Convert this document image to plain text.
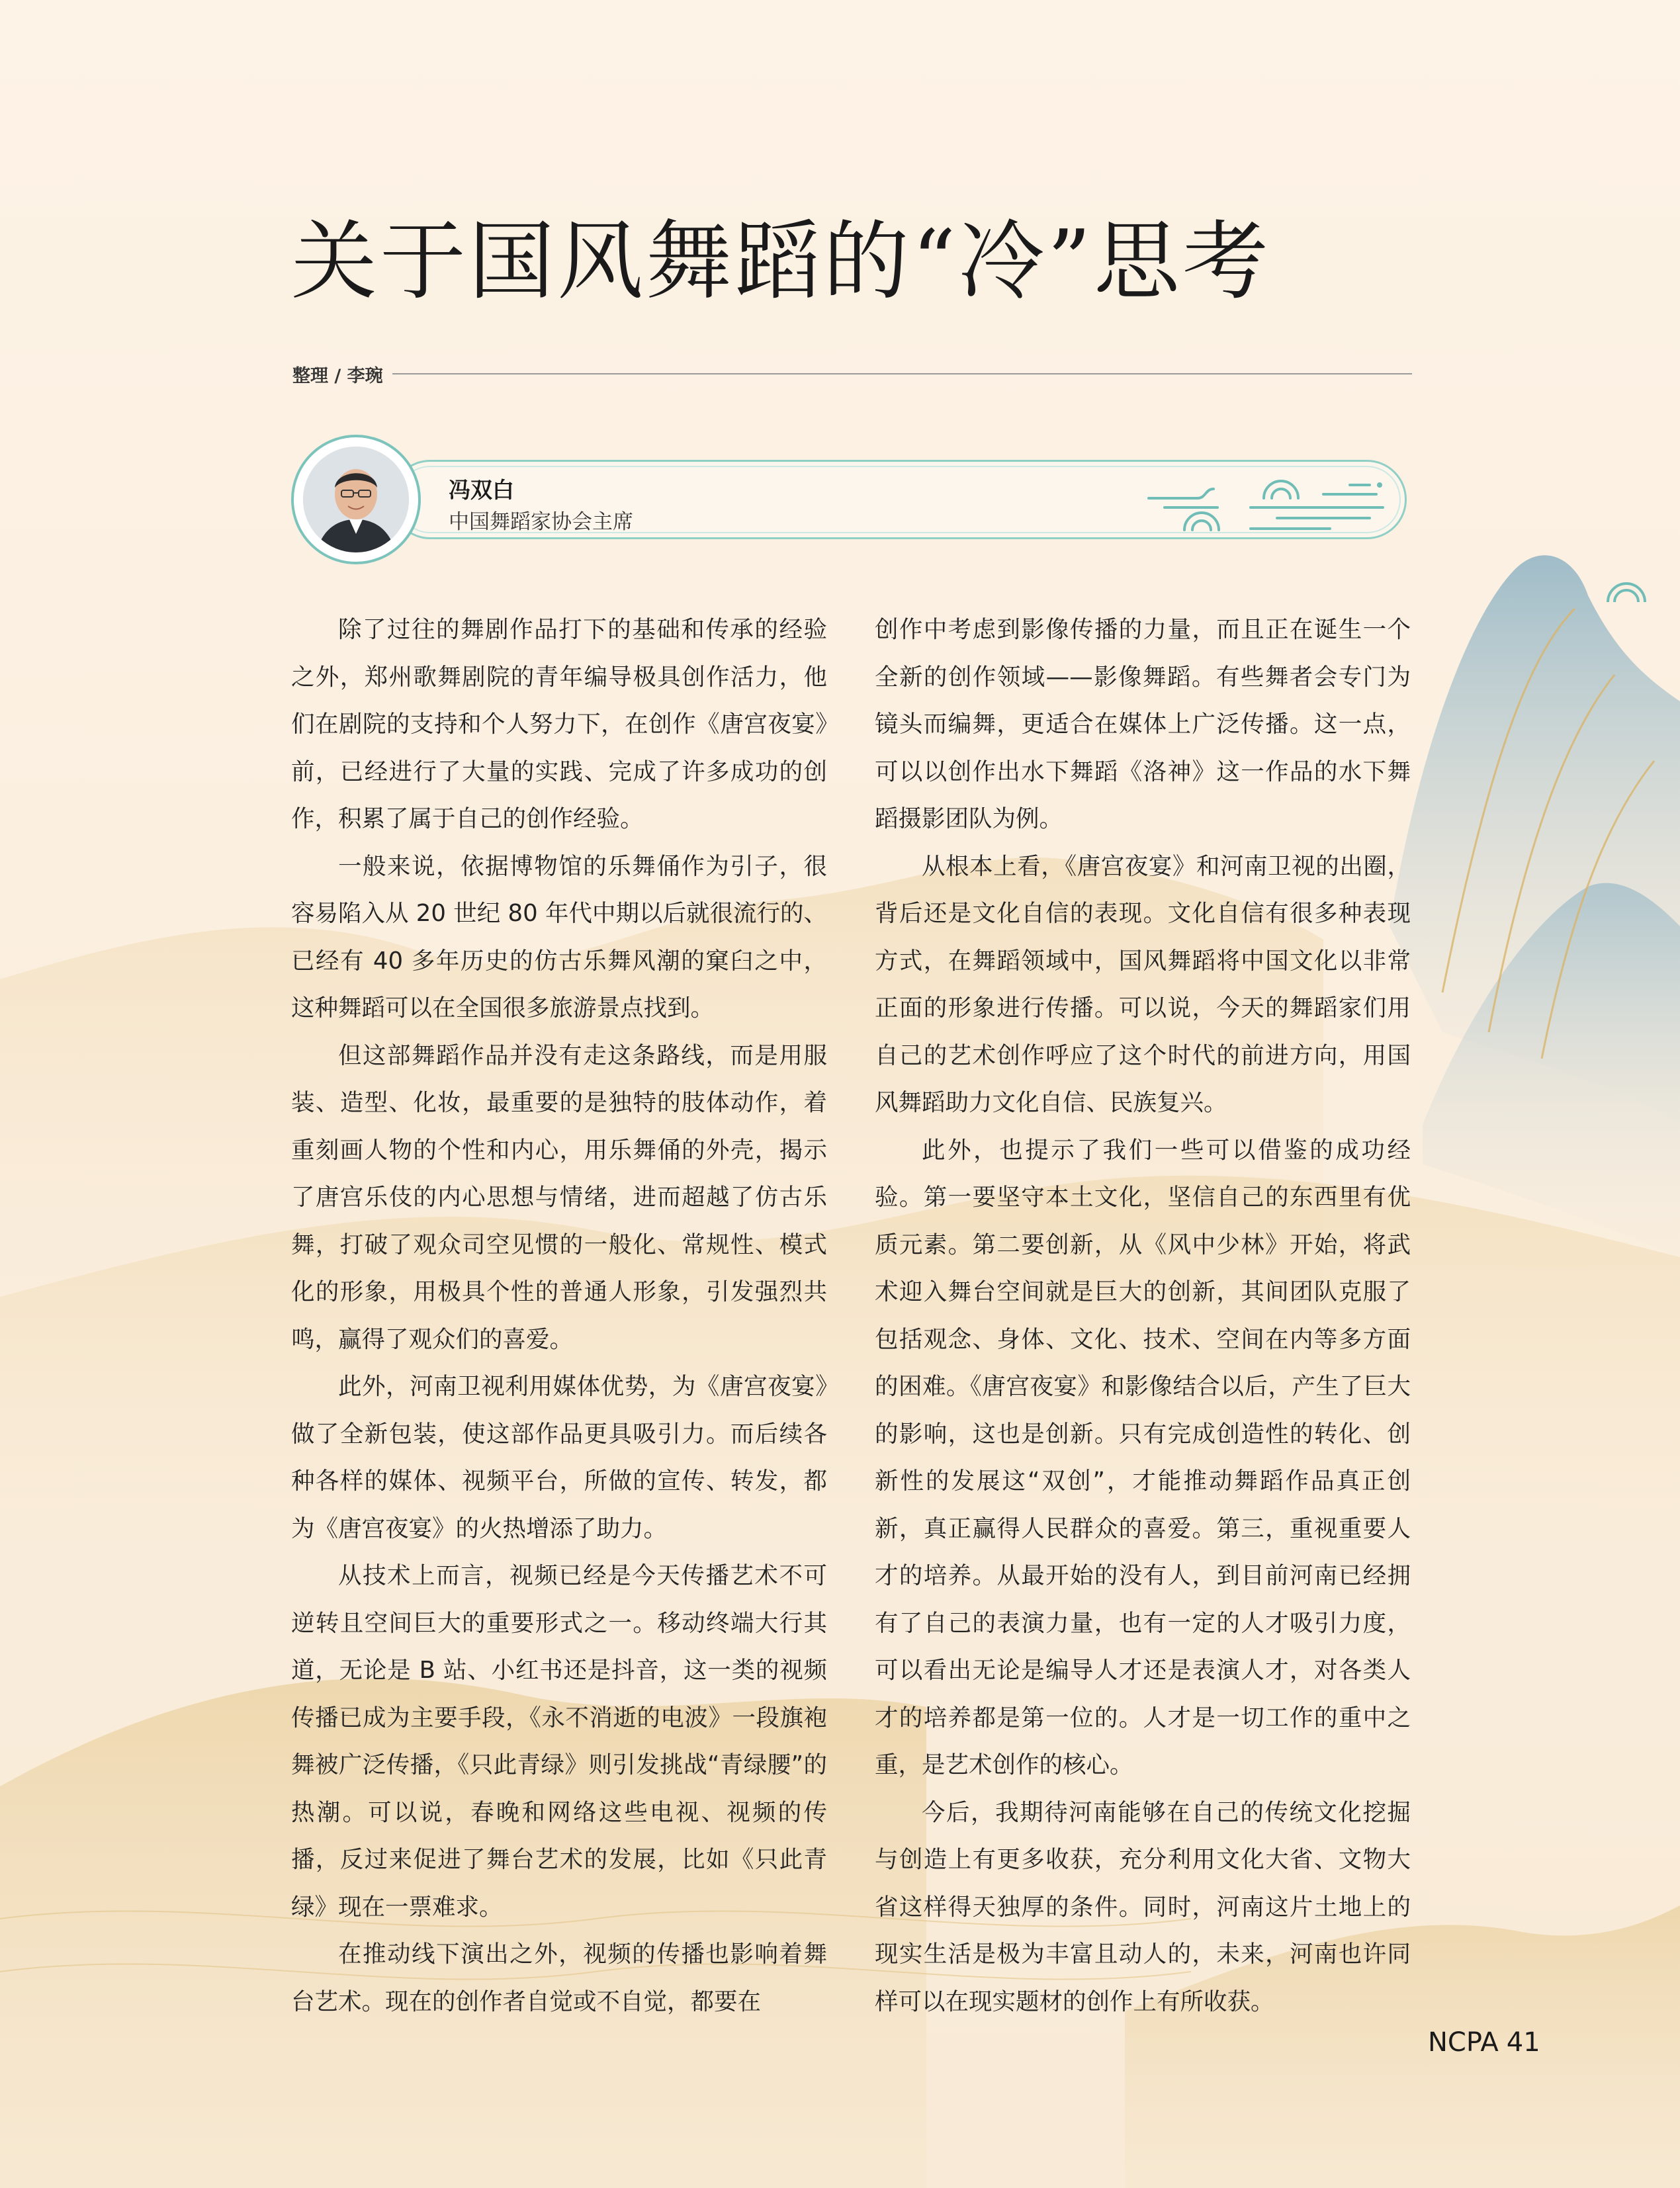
关于国风舞蹈的“冷”思考
整理 / 李琬
冯双白
中国舞蹈家协会主席

除了过往的舞剧作品打下的基础和传承的经验之外，郑州歌舞剧院的青年编导极具创作活力，他们在剧院的支持和个人努力下，在创作《唐宫夜宴》前，已经进行了大量的实践、完成了许多成功的创作，积累了属于自己的创作经验。

一般来说，依据博物馆的乐舞俑作为引子，很容易陷入从 20 世纪 80 年代中期以后就很流行的、已经有 40 多年历史的仿古乐舞风潮的窠臼之中，这种舞蹈可以在全国很多旅游景点找到。

但这部舞蹈作品并没有走这条路线，而是用服装、造型、化妆，最重要的是独特的肢体动作，着重刻画人物的个性和内心，用乐舞俑的外壳，揭示了唐宫乐伎的内心思想与情绪，进而超越了仿古乐舞，打破了观众司空见惯的一般化、常规性、模式化的形象，用极具个性的普通人形象，引发强烈共鸣，赢得了观众们的喜爱。

此外，河南卫视利用媒体优势，为《唐宫夜宴》做了全新包装，使这部作品更具吸引力。而后续各种各样的媒体、视频平台，所做的宣传、转发，都为《唐宫夜宴》的火热增添了助力。

从技术上而言，视频已经是今天传播艺术不可逆转且空间巨大的重要形式之一。移动终端大行其道，无论是 B 站、小红书还是抖音，这一类的视频传播已成为主要手段，《永不消逝的电波》一段旗袍舞被广泛传播，《只此青绿》则引发挑战“青绿腰”的热潮。可以说，春晚和网络这些电视、视频的传播，反过来促进了舞台艺术的发展，比如《只此青绿》现在一票难求。

在推动线下演出之外，视频的传播也影响着舞台艺术。现在的创作者自觉或不自觉，都要在

创作中考虑到影像传播的力量，而且正在诞生一个全新的创作领域——影像舞蹈。有些舞者会专门为镜头而编舞，更适合在媒体上广泛传播。这一点，可以以创作出水下舞蹈《洛神》这一作品的水下舞蹈摄影团队为例。

从根本上看，《唐宫夜宴》和河南卫视的出圈，背后还是文化自信的表现。文化自信有很多种表现方式，在舞蹈领域中，国风舞蹈将中国文化以非常正面的形象进行传播。可以说，今天的舞蹈家们用自己的艺术创作呼应了这个时代的前进方向，用国风舞蹈助力文化自信、民族复兴。

此外，也提示了我们一些可以借鉴的成功经验。第一要坚守本土文化，坚信自己的东西里有优质元素。第二要创新，从《风中少林》开始，将武术迎入舞台空间就是巨大的创新，其间团队克服了包括观念、身体、文化、技术、空间在内等多方面的困难。《唐宫夜宴》和影像结合以后，产生了巨大的影响，这也是创新。只有完成创造性的转化、创新性的发展这“双创”，才能推动舞蹈作品真正创新，真正赢得人民群众的喜爱。第三，重视重要人才的培养。从最开始的没有人，到目前河南已经拥有了自己的表演力量，也有一定的人才吸引力度，可以看出无论是编导人才还是表演人才，对各类人才的培养都是第一位的。人才是一切工作的重中之重，是艺术创作的核心。

今后，我期待河南能够在自己的传统文化挖掘与创造上有更多收获，充分利用文化大省、文物大省这样得天独厚的条件。同时，河南这片土地上的现实生活是极为丰富且动人的，未来，河南也许同样可以在现实题材的创作上有所收获。

NCPA 41
